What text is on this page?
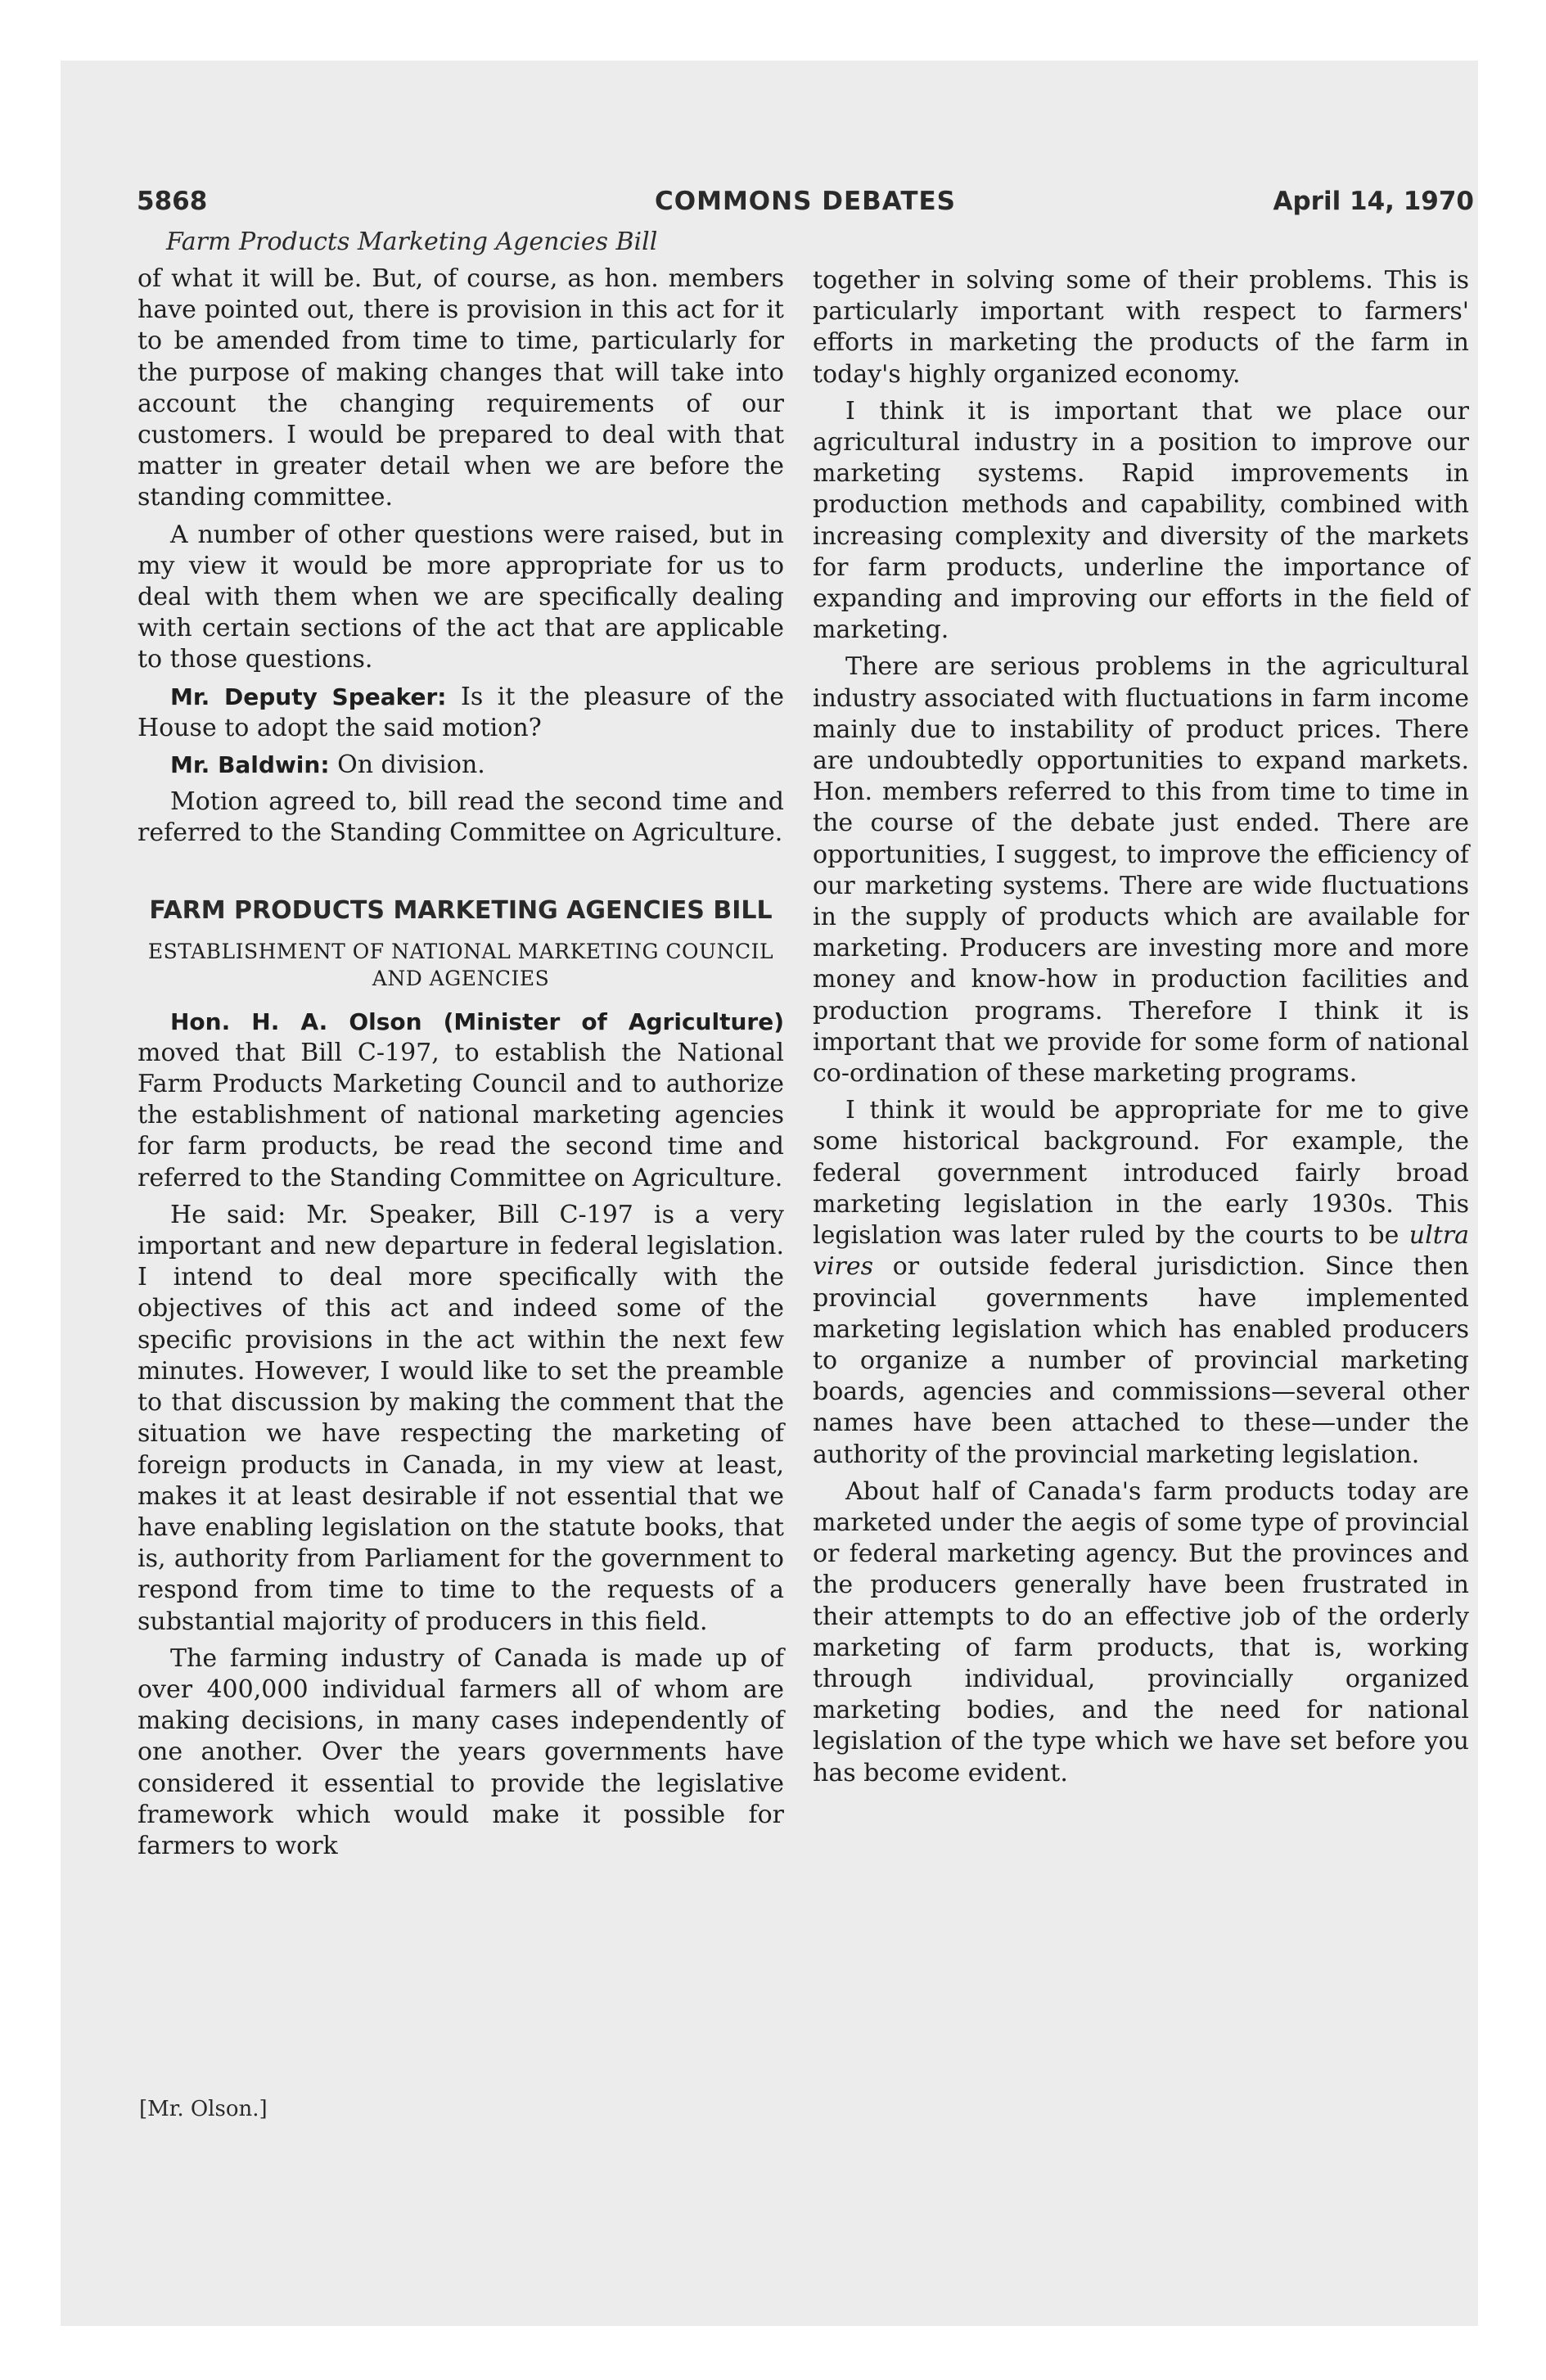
5868	COMMONS DEBATES	April 14, 1970
Farm Products Marketing Agencies Bill

of what it will be. But, of course, as hon. members have pointed out, there is provision in this act for it to be amended from time to time, particularly for the purpose of making changes that will take into account the changing requirements of our customers. I would be prepared to deal with that matter in greater detail when we are before the standing committee.

A number of other questions were raised, but in my view it would be more appropriate for us to deal with them when we are specifically dealing with certain sections of the act that are applicable to those questions.

Mr. Deputy Speaker: Is it the pleasure of the House to adopt the said motion?

Mr. Baldwin: On division.

Motion agreed to, bill read the second time and referred to the Standing Committee on Agriculture.

FARM PRODUCTS MARKETING AGENCIES BILL
ESTABLISHMENT OF NATIONAL MARKETING COUNCIL AND AGENCIES

Hon. H. A. Olson (Minister of Agriculture) moved that Bill C-197, to establish the National Farm Products Marketing Council and to authorize the establishment of national marketing agencies for farm products, be read the second time and referred to the Standing Committee on Agriculture.

He said: Mr. Speaker, Bill C-197 is a very important and new departure in federal legislation. I intend to deal more specifically with the objectives of this act and indeed some of the specific provisions in the act within the next few minutes. However, I would like to set the preamble to that discussion by making the comment that the situation we have respecting the marketing of foreign products in Canada, in my view at least, makes it at least desirable if not essential that we have enabling legislation on the statute books, that is, authority from Parliament for the government to respond from time to time to the requests of a substantial majority of producers in this field.

The farming industry of Canada is made up of over 400,000 individual farmers all of whom are making decisions, in many cases independently of one another. Over the years governments have considered it essential to provide the legislative framework which would make it possible for farmers to work

[Mr. Olson.]

together in solving some of their problems. This is particularly important with respect to farmers' efforts in marketing the products of the farm in today's highly organized economy.

I think it is important that we place our agricultural industry in a position to improve our marketing systems. Rapid improvements in production methods and capability, combined with increasing complexity and diversity of the markets for farm products, underline the importance of expanding and improving our efforts in the field of marketing.

There are serious problems in the agricultural industry associated with fluctuations in farm income mainly due to instability of product prices. There are undoubtedly opportunities to expand markets. Hon. members referred to this from time to time in the course of the debate just ended. There are opportunities, I suggest, to improve the efficiency of our marketing systems. There are wide fluctuations in the supply of products which are available for marketing. Producers are investing more and more money and know-how in production facilities and production programs. Therefore I think it is important that we provide for some form of national co-ordination of these marketing programs.

I think it would be appropriate for me to give some historical background. For example, the federal government introduced fairly broad marketing legislation in the early 1930s. This legislation was later ruled by the courts to be ultra vires or outside federal jurisdiction. Since then provincial governments have implemented marketing legislation which has enabled producers to organize a number of provincial marketing boards, agencies and commissions—several other names have been attached to these—under the authority of the provincial marketing legislation.

About half of Canada's farm products today are marketed under the aegis of some type of provincial or federal marketing agency. But the provinces and the producers generally have been frustrated in their attempts to do an effective job of the orderly marketing of farm products, that is, working through individual, provincially organized marketing bodies, and the need for national legislation of the type which we have set before you has become evident.
